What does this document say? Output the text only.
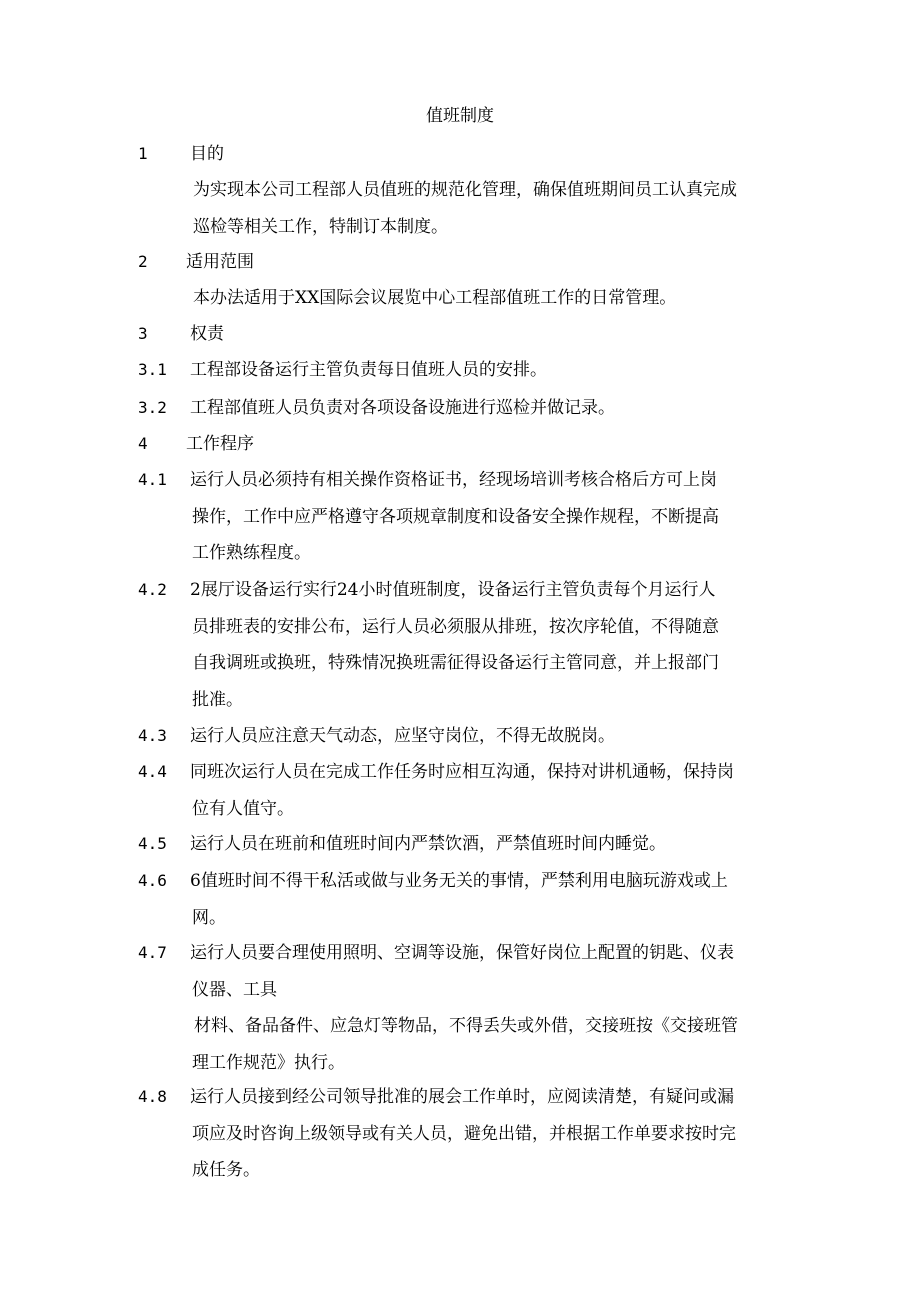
值班制度
1 目的
为实现本公司工程部人员值班的规范化管理，确保值班期间员工认真完成
巡检等相关工作，特制订本制度。
2 适用范围
本办法适用于XX国际会议展览中心工程部值班工作的日常管理。
3 权责
3.1 工程部设备运行主管负责每日值班人员的安排。
3.2 工程部值班人员负责对各项设备设施进行巡检并做记录。
4 工作程序
4.1 运行人员必须持有相关操作资格证书，经现场培训考核合格后方可上岗
操作，工作中应严格遵守各项规章制度和设备安全操作规程，不断提高
工作熟练程度。
4.2 2展厅设备运行实行24小时值班制度，设备运行主管负责每个月运行人
员排班表的安排公布，运行人员必须服从排班，按次序轮值，不得随意
自我调班或换班，特殊情况换班需征得设备运行主管同意，并上报部门
批准。
4.3 运行人员应注意天气动态，应坚守岗位，不得无故脱岗。
4.4 同班次运行人员在完成工作任务时应相互沟通，保持对讲机通畅，保持岗
位有人值守。
4.5 运行人员在班前和值班时间内严禁饮酒，严禁值班时间内睡觉。
4.6 6值班时间不得干私活或做与业务无关的事情，严禁利用电脑玩游戏或上
网。
4.7 运行人员要合理使用照明、空调等设施，保管好岗位上配置的钥匙、仪表
仪器、工具
材料、备品备件、应急灯等物品，不得丢失或外借，交接班按《交接班管
理工作规范》执行。
4.8 运行人员接到经公司领导批准的展会工作单时，应阅读清楚，有疑问或漏
项应及时咨询上级领导或有关人员，避免出错，并根据工作单要求按时完
成任务。
